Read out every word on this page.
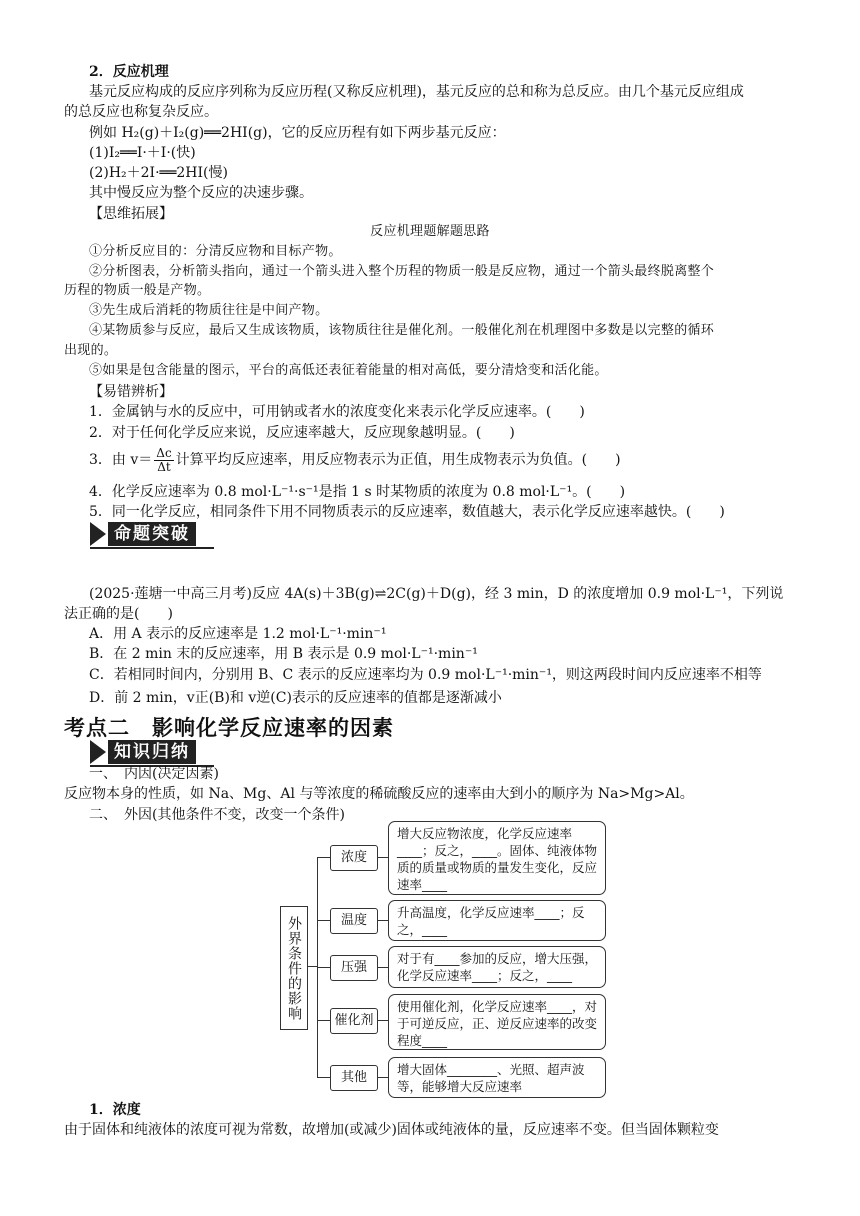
2．反应机理
基元反应构成的反应序列称为反应历程(又称反应机理)，基元反应的总和称为总反应。由几个基元反应组成
的总反应也称复杂反应。
例如 H₂(g)＋I₂(g)══2HI(g)，它的反应历程有如下两步基元反应：
(1)I₂══I·＋I·(快)
(2)H₂＋2I·══2HI(慢)
其中慢反应为整个反应的决速步骤。
【思维拓展】
反应机理题解题思路
①分析反应目的：分清反应物和目标产物。
②分析图表，分析箭头指向，通过一个箭头进入整个历程的物质一般是反应物，通过一个箭头最终脱离整个
历程的物质一般是产物。
③先生成后消耗的物质往往是中间产物。
④某物质参与反应，最后又生成该物质，该物质往往是催化剂。一般催化剂在机理图中多数是以完整的循环
出现的。
⑤如果是包含能量的图示，平台的高低还表征着能量的相对高低，要分清焓变和活化能。
【易错辨析】
1．金属钠与水的反应中，可用钠或者水的浓度变化来表示化学反应速率。(　　)
2．对于任何化学反应来说，反应速率越大，反应现象越明显。(　　)
3．由 $v= \frac{\Delta c}{\Delta t}$ 计算平均反应速率，用反应物表示为正值，用生成物表示为负值。(　　)
4．化学反应速率为 0.8 mol·L⁻¹·s⁻¹是指 1 s 时某物质的浓度为 0.8 mol·L⁻¹。(　　)
5．同一化学反应，相同条件下用不同物质表示的反应速率，数值越大，表示化学反应速率越快。(　　)
命题突破
(2025·莲塘一中高三月考)反应 4A(s)＋3B(g)⇌2C(g)＋D(g)，经 3 min，D 的浓度增加 0.9 mol·L⁻¹，下列说
法正确的是(　　)
A．用 A 表示的反应速率是 1.2 mol·L⁻¹·min⁻¹
B．在 2 min 末的反应速率，用 B 表示是 0.9 mol·L⁻¹·min⁻¹
C．若相同时间内，分别用 B、C 表示的反应速率均为 0.9 mol·L⁻¹·min⁻¹，则这两段时间内反应速率不相等
D．前 2 min，v正(B)和 v逆(C)表示的反应速率的值都是逐渐减小
考点二　影响化学反应速率的因素
知识归纳
一、　内因(决定因素)
反应物本身的性质，如 Na、Mg、Al 与等浓度的稀硫酸反应的速率由大到小的顺序为 Na>Mg>Al。
二、　外因(其他条件不变，改变一个条件)
外界条件的影响
浓度
增大反应物浓度，化学反应速率____；反之，____。固体、纯液体物质的质量或物质的量发生变化，反应速率____
温度
升高温度，化学反应速率____；反之，____
压强
对于有____参加的反应，增大压强，化学反应速率____；反之，____
催化剂
使用催化剂，化学反应速率____，对于可逆反应，正、逆反应速率的改变程度____
其他
增大固体________、光照、超声波等，能够增大反应速率
1．浓度
由于固体和纯液体的浓度可视为常数，故增加(或减少)固体或纯液体的量，反应速率不变。但当固体颗粒变
